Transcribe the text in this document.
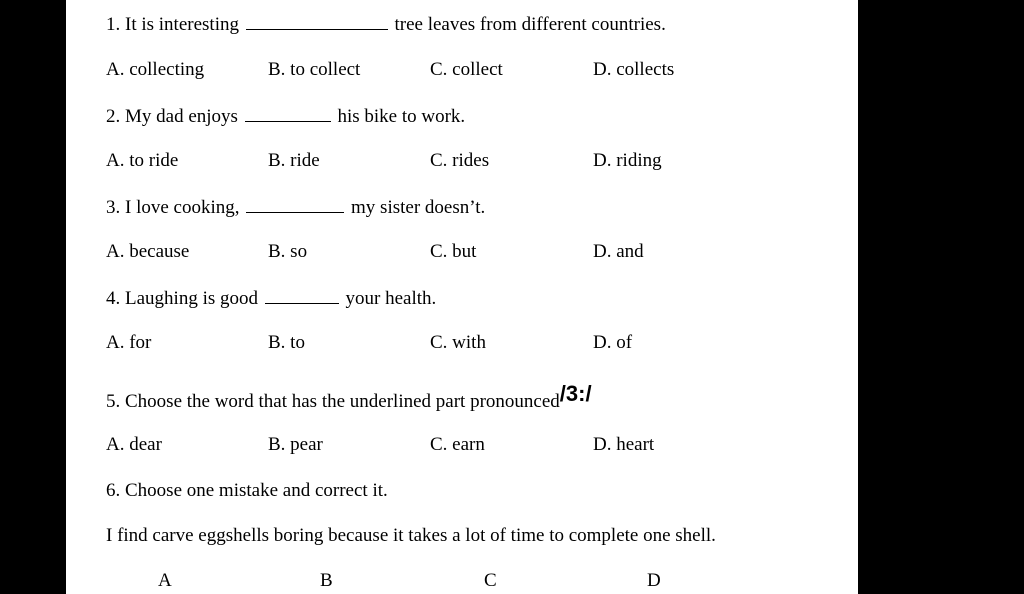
1. It is interesting	tree leaves from different countries.
A. collecting	B. to collect	C. collect	D. collects
2. My dad enjoys	his bike to work.
A. to ride	B. ride	C. rides	D. riding
3. I love cooking,	my sister doesn’t.
A. because	B. so	C. but	D. and
4. Laughing is good	your health.
A. for	B. to	C. with	D. of
5. Choose the word that has the underlined part pronounced/3:/
A. dear	B. pear	C. earn	D. heart
6. Choose one mistake and correct it.
I find carve eggshells boring because it takes a lot of time to complete one shell.
A	B	C	D
